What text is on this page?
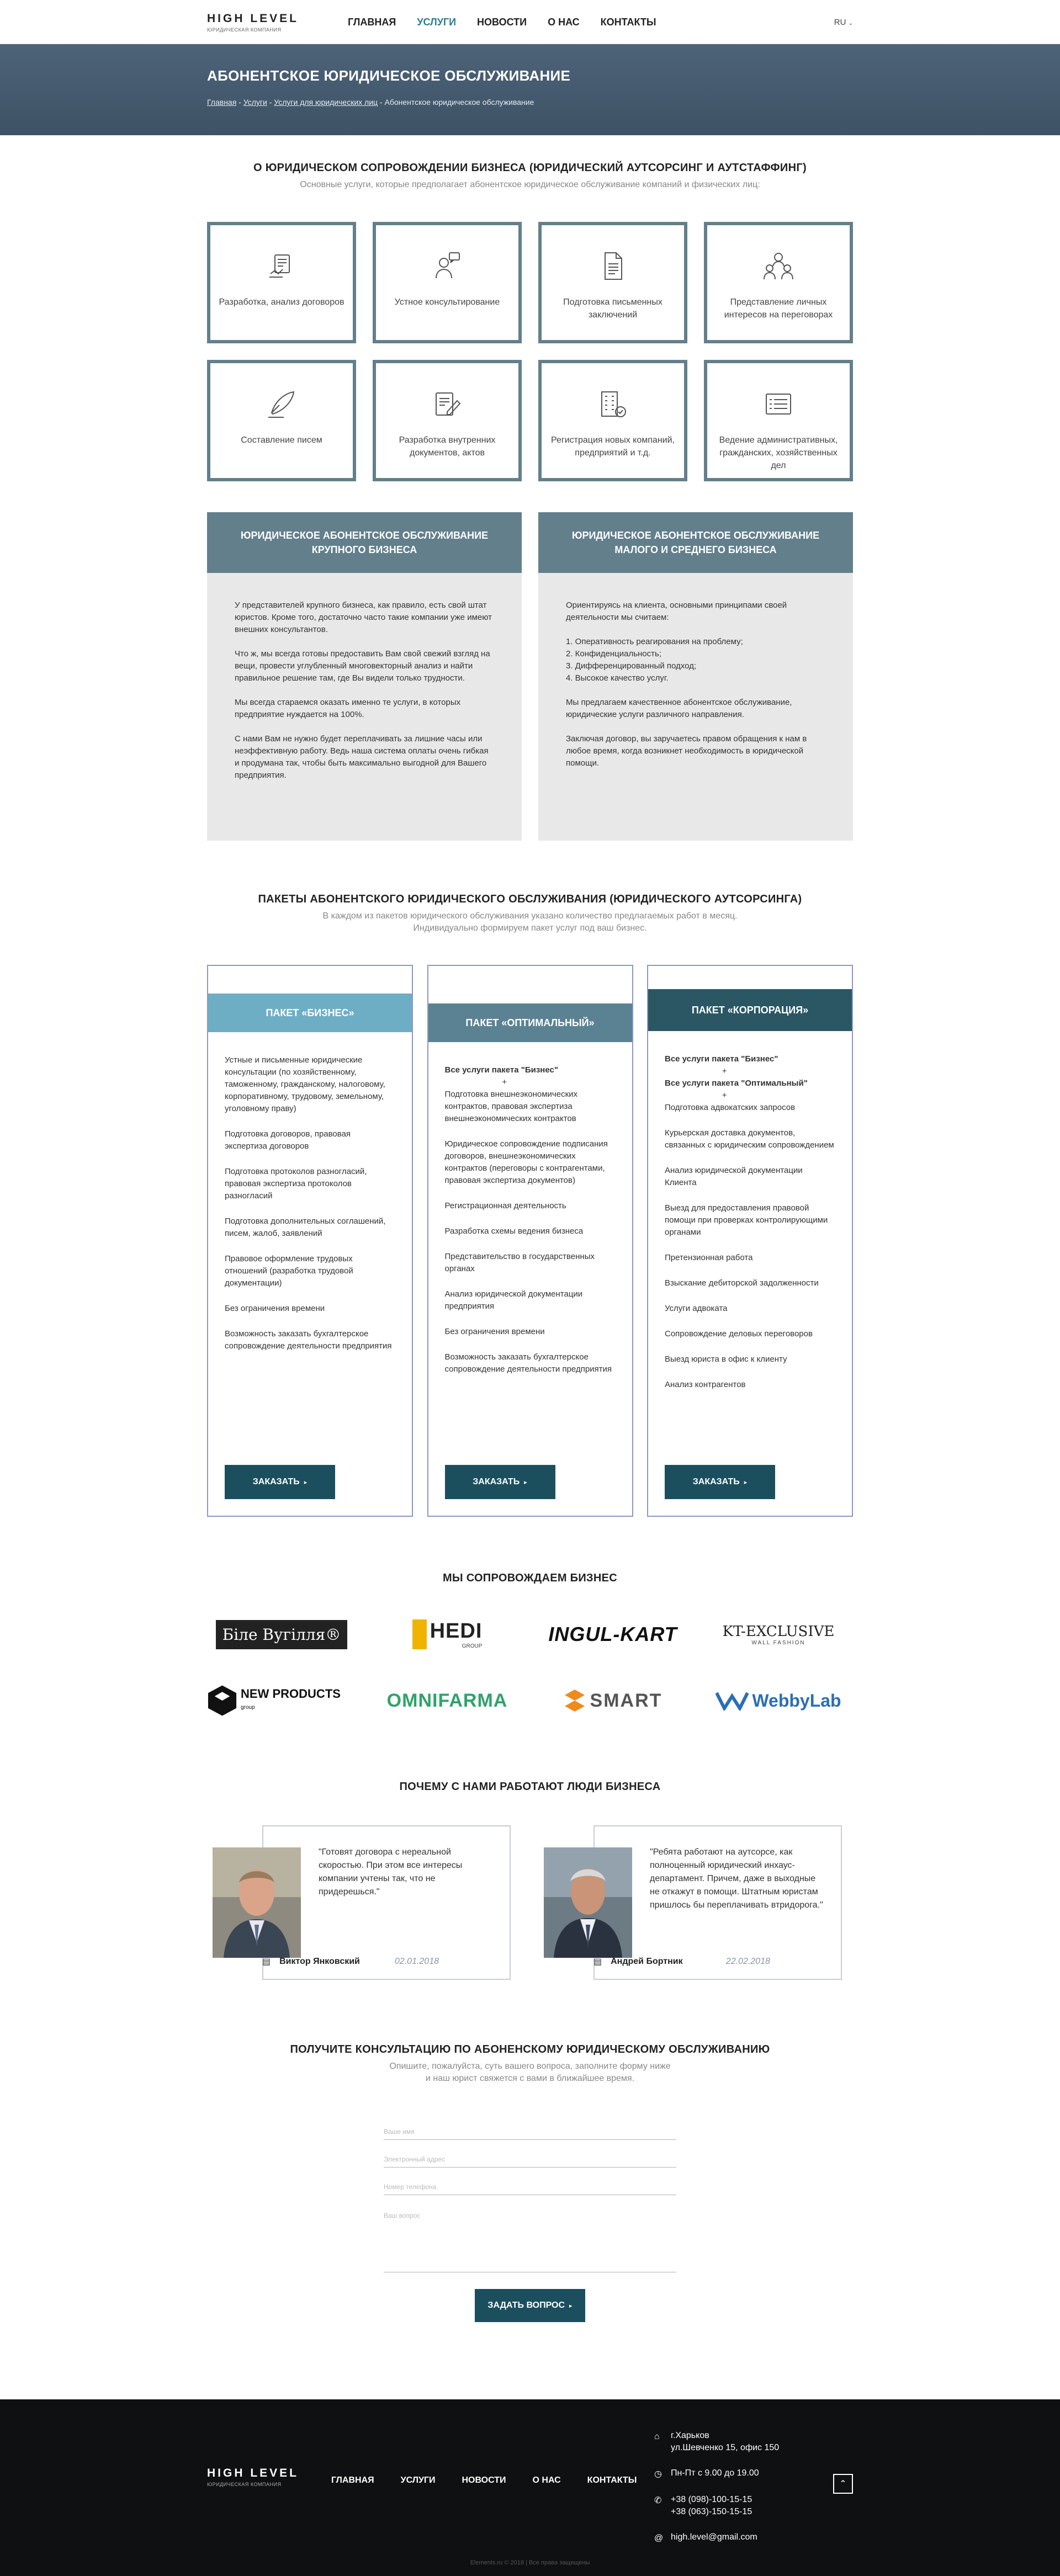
HIGH LEVEL
ЮРИДИЧЕСКАЯ КОМПАНИЯ
ГЛАВНАЯ УСЛУГИ НОВОСТИ О НАС КОНТАКТЫ	RU ⌄
АБОНЕНТСКОЕ ЮРИДИЧЕСКОЕ ОБСЛУЖИВАНИЕ
Главная - Услуги - Услуги для юридических лиц - Абонентское юридическое обслуживание
О ЮРИДИЧЕСКОМ СОПРОВОЖДЕНИИ БИЗНЕСА (ЮРИДИЧЕСКИЙ АУТСОРСИНГ И АУТСТАФФИНГ)
Основные услуги, которые предполагает абонентское юридическое обслуживание компаний и физических лиц:
Разработка, анализ договоров	Устное консультирование	Подготовка письменных заключений
Представление личных интересов на переговорах
Составление писем	Разработка внутренних документов, актов
Регистрация новых компаний, предприятий и т.д.
Ведение административных, гражданских, хозяйственных дел
ЮРИДИЧЕСКОЕ АБОНЕНТСКОЕ ОБСЛУЖИВАНИЕ КРУПНОГО БИЗНЕСА

У представителей крупного бизнеса, как правило, есть свой штат юристов. Кроме того, достаточно часто такие компании уже имеют внешних консультантов.

Что ж, мы всегда готовы предоставить Вам свой свежий взгляд на вещи, провести углубленный многовекторный анализ и найти правильное решение там, где Вы видели только трудности.

Мы всегда стараемся оказать именно те услуги, в которых предприятие нуждается на 100%.

С нами Вам не нужно будет переплачивать за лишние часы или неэффективную работу. Ведь наша система оплаты очень гибкая и продумана так, чтобы быть максимально выгодной для Вашего предприятия.

ЮРИДИЧЕСКОЕ АБОНЕНТСКОЕ ОБСЛУЖИВАНИЕ МАЛОГО И СРЕДНЕГО БИЗНЕСА

Ориентируясь на клиента, основными принципами своей деятельности мы считаем:

1. Оперативность реагирования на проблему;
2. Конфиденциальность;
3. Дифференцированный подход;
4. Высокое качество услуг.

Мы предлагаем качественное абонентское обслуживание, юридические услуги различного направления.

Заключая договор, вы заручаетесь правом обращения к нам в любое время, когда возникнет необходимость в юридической помощи.

ПАКЕТЫ АБОНЕНТСКОГО ЮРИДИЧЕСКОГО ОБСЛУЖИВАНИЯ (ЮРИДИЧЕСКОГО АУТСОРСИНГА)
В каждом из пакетов юридического обслуживания указано количество предлагаемых работ в месяц.
Индивидуально формируем пакет услуг под ваш бизнес.
ПАКЕТ «БИЗНЕС»
Устные и письменные юридические консультации (по хозяйственному, таможенному, гражданскому, налоговому, корпоративному, трудовому, земельному, уголовному праву)
Подготовка договоров, правовая экспертиза договоров
Подготовка протоколов разногласий, правовая экспертиза протоколов разногласий
Подготовка дополнительных соглашений, писем, жалоб, заявлений
Правовое оформление трудовых отношений (разработка трудовой документации)
Без ограничения времени
Возможность заказать бухгалтерское сопровождение деятельности предприятия
ЗАКАЗАТЬ ▸
ПАКЕТ «ОПТИМАЛЬНЫЙ»
Все услуги пакета "Бизнес"
+
Подготовка внешнеэкономических контрактов, правовая экспертиза внешнеэкономических контрактов
Юридическое сопровождение подписания договоров, внешнеэкономических контрактов (переговоры с контрагентами, правовая экспертиза документов)
Регистрационная деятельность
Разработка схемы ведения бизнеса
Представительство в государственных органах
Анализ юридической документации предприятия
Без ограничения времени
Возможность заказать бухгалтерское сопровождение деятельности предприятия
ЗАКАЗАТЬ ▸
ПАКЕТ «КОРПОРАЦИЯ»
Все услуги пакета "Бизнес"
+
Все услуги пакета "Оптимальный"
+
Подготовка адвокатских запросов
Курьерская доставка документов, связанных с юридическим сопровождением
Анализ юридической документации Клиента
Выезд для предоставления правовой помощи при проверках контролирующими органами
Претензионная работа
Взыскание дебиторской задолженности
Услуги адвоката
Сопровождение деловых переговоров
Выезд юриста в офис к клиенту
Анализ контрагентов
ЗАКАЗАТЬ ▸
МЫ СОПРОВОЖДАЕМ БИЗНЕС
Біле Вугілля®	HEDI
GROUP
INGUL-KART	KT-EXCLUSIVE
WALL FASHION
NEW PRODUCTS group	OMNIFARMA	SMART	WebbyLab
ПОЧЕМУ С НАМИ РАБОТАЮТ ЛЮДИ БИЗНЕСА
"Готовят договора с нереальной скоростью. При этом все интересы компании учтены так, что не придерешься."
▤ Виктор Янковский	02.01.2018
"Ребята работают на аутсорсе, как полноценный юридический инхаус-департамент. Причем, даже в выходные не откажут в помощи. Штатным юристам пришлось бы переплачивать втридорога."
▤ Андрей Бортник	22.02.2018
ПОЛУЧИТЕ КОНСУЛЬТАЦИЮ ПО АБОНЕНСКОМУ ЮРИДИЧЕСКОМУ ОБСЛУЖИВАНИЮ
Опишите, пожалуйста, суть вашего вопроса, заполните форму ниже
и наш юрист свяжется с вами в ближайшее время.
Ваше имя
Электронный адрес
Номер телефона
Ваш вопрос
ЗАДАТЬ ВОПРОС ▸
HIGH LEVEL
ЮРИДИЧЕСКАЯ КОМПАНИЯ	ГЛАВНАЯ	УСЛУГИ	НОВОСТИ	О НАС	КОНТАКТЫ
⌂	г.Харьков
ул.Шевченко 15, офис 150
◷	Пн-Пт с 9.00 до 19.00
✆	+38 (098)-100-15-15
+38 (063)-150-15-15
@ high.level@gmail.com
⌃
Elements.ru © 2018 | Все права защищены
